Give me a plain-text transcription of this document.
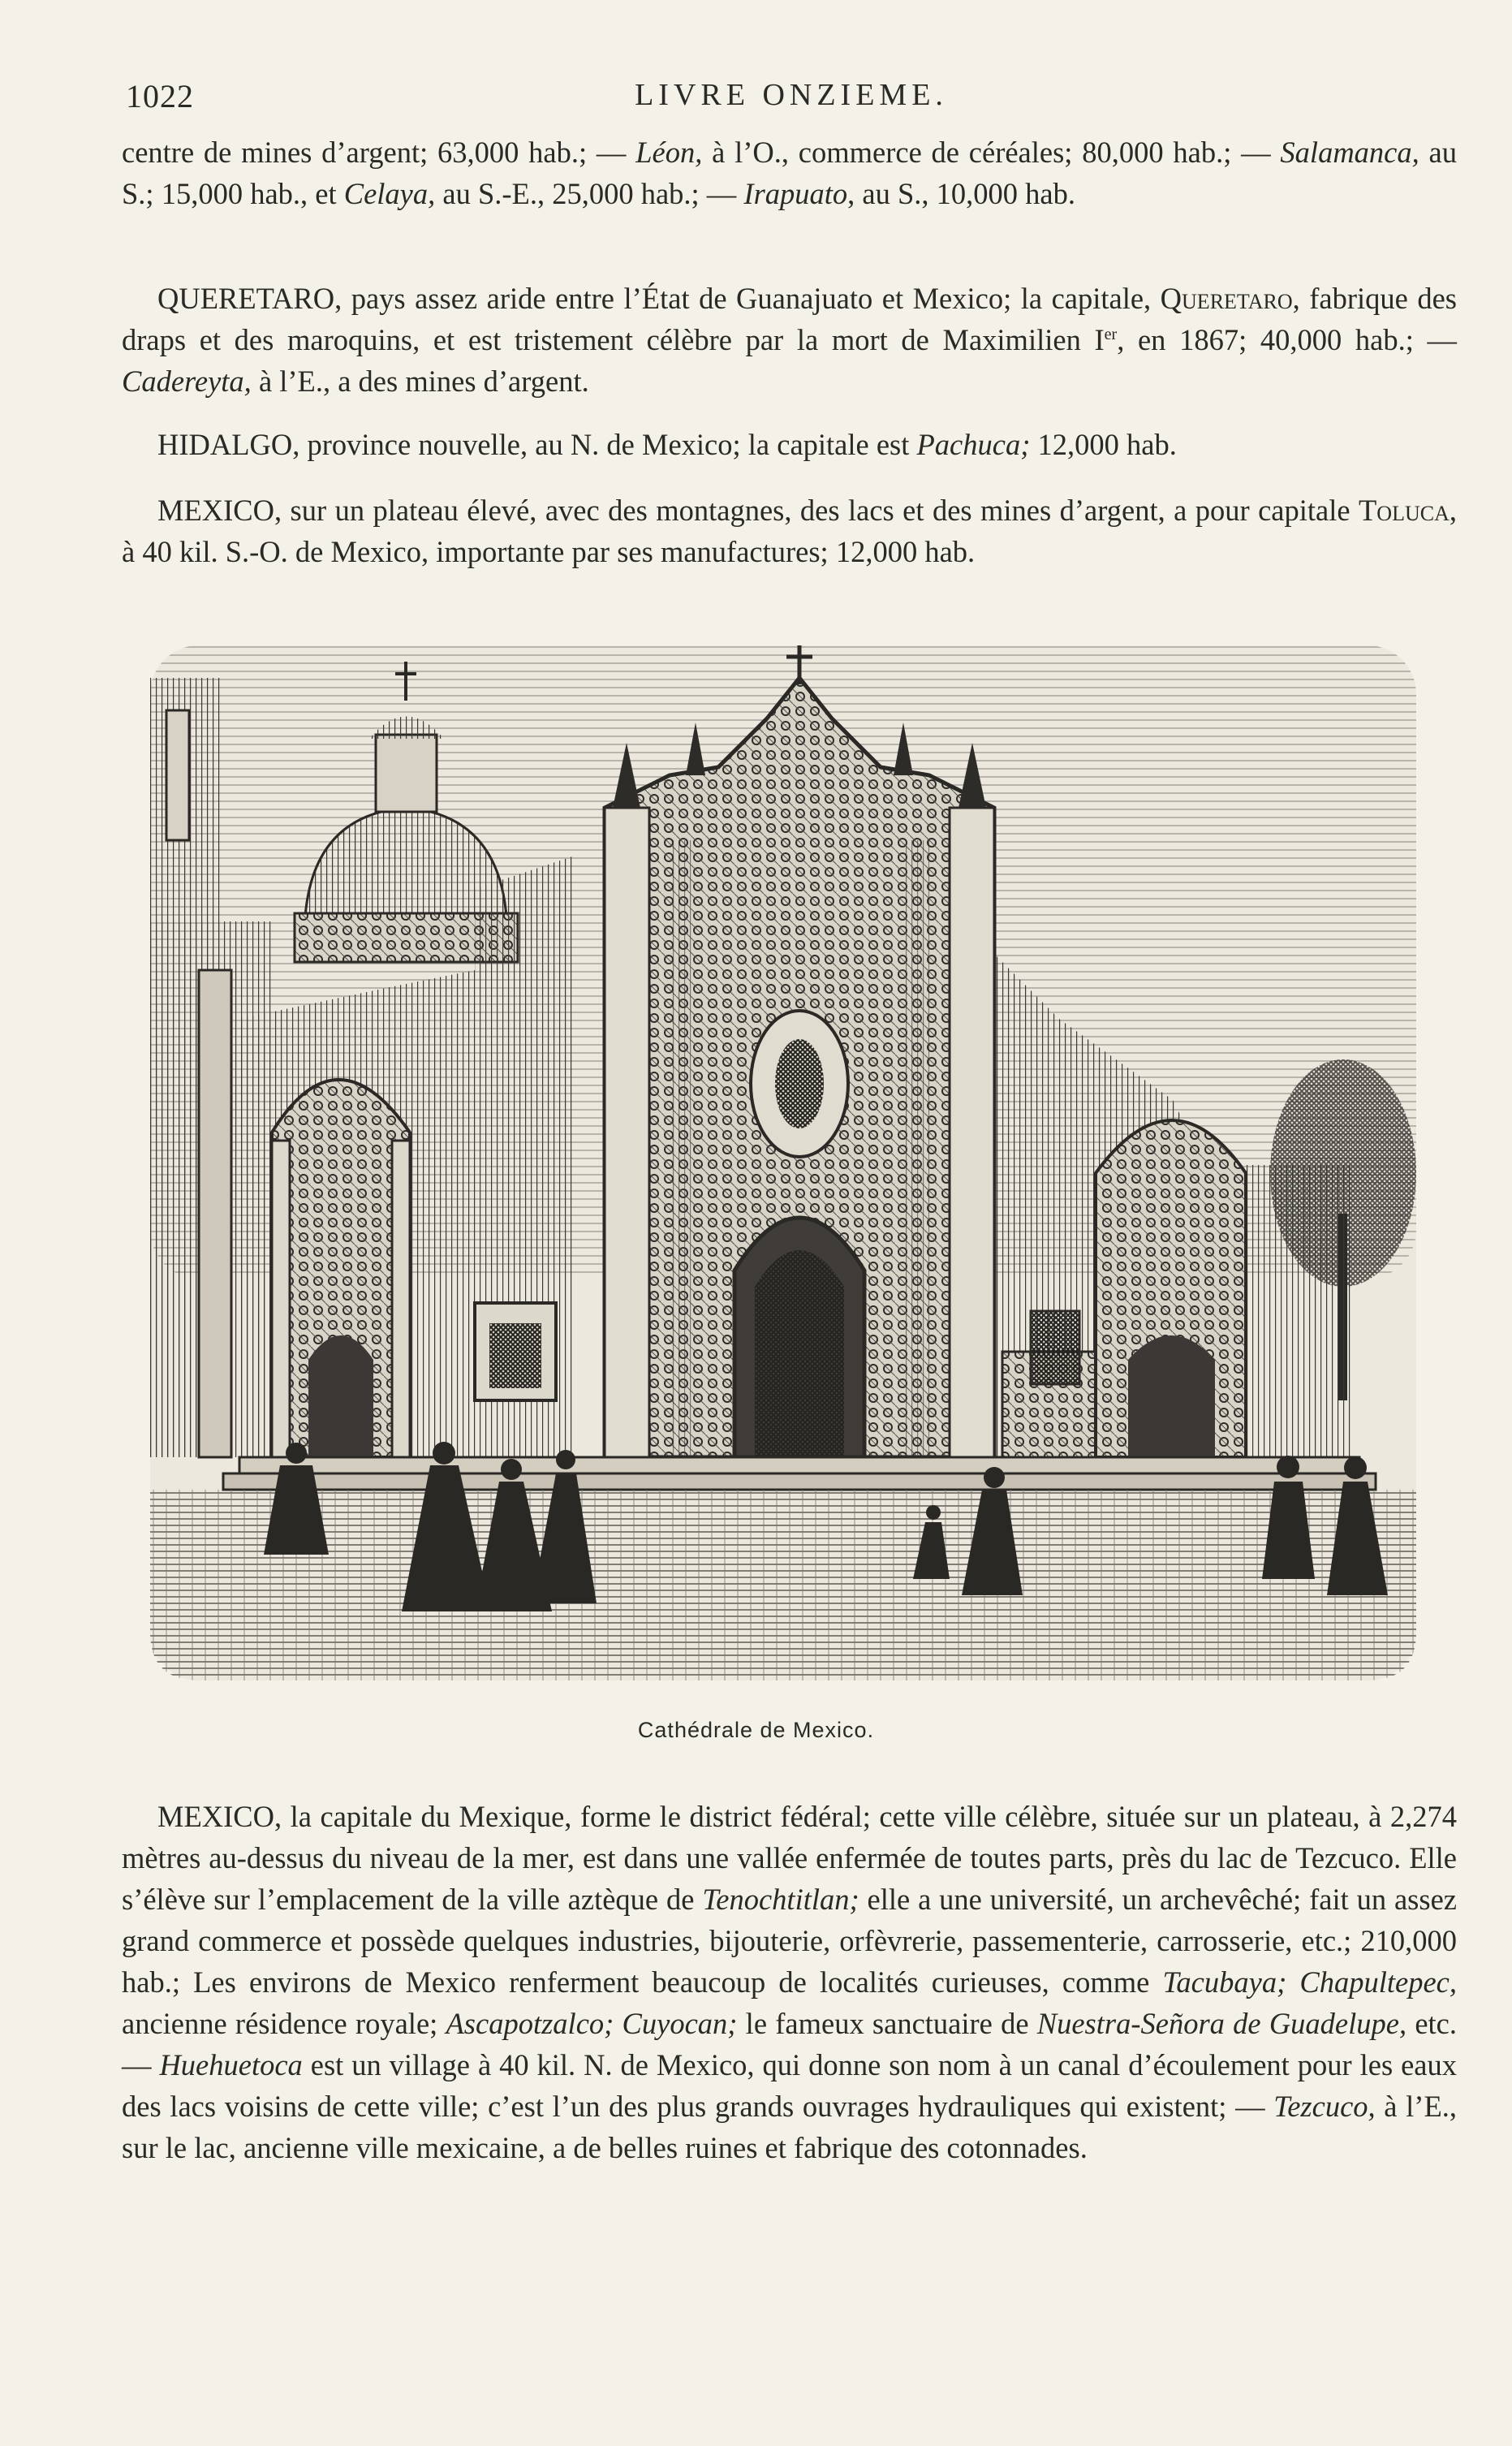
1022	LIVRE ONZIEME.

centre de mines d’argent; 63,000 hab.; — Léon, à l’O., commerce de céréales; 80,000 hab.; — Salamanca, au S.; 15,000 hab., et Celaya, au S.-E., 25,000 hab.; — Irapuato, au S., 10,000 hab.

QUERETARO, pays assez aride entre l’État de Guanajuato et Mexico; la capitale, Queretaro, fabrique des draps et des maroquins, et est tristement célèbre par la mort de Maximilien Ier, en 1867; 40,000 hab.; — Cadereyta, à l’E., a des mines d’argent.

HIDALGO, province nouvelle, au N. de Mexico; la capitale est Pachuca; 12,000 hab.

MEXICO, sur un plateau élevé, avec des montagnes, des lacs et des mines d’argent, a pour capitale Toluca, à 40 kil. S.-O. de Mexico, importante par ses manufactures; 12,000 hab.

Cathédrale de Mexico.

MEXICO, la capitale du Mexique, forme le district fédéral; cette ville célèbre, située sur un plateau, à 2,274 mètres au-dessus du niveau de la mer, est dans une vallée enfermée de toutes parts, près du lac de Tezcuco. Elle s’élève sur l’emplacement de la ville aztèque de Tenochtitlan; elle a une université, un archevêché; fait un assez grand commerce et possède quelques industries, bijouterie, orfèvrerie, passementerie, carrosserie, etc.; 210,000 hab.; Les environs de Mexico renferment beaucoup de localités curieuses, comme Tacubaya; Chapultepec, ancienne résidence royale; Ascapotzalco; Cuyocan; le fameux sanctuaire de Nuestra-Señora de Guadelupe, etc. — Huehuetoca est un village à 40 kil. N. de Mexico, qui donne son nom à un canal d’écoulement pour les eaux des lacs voisins de cette ville; c’est l’un des plus grands ouvrages hydrauliques qui existent; — Tezcuco, à l’E., sur le lac, ancienne ville mexicaine, a de belles ruines et fabrique des cotonnades.
